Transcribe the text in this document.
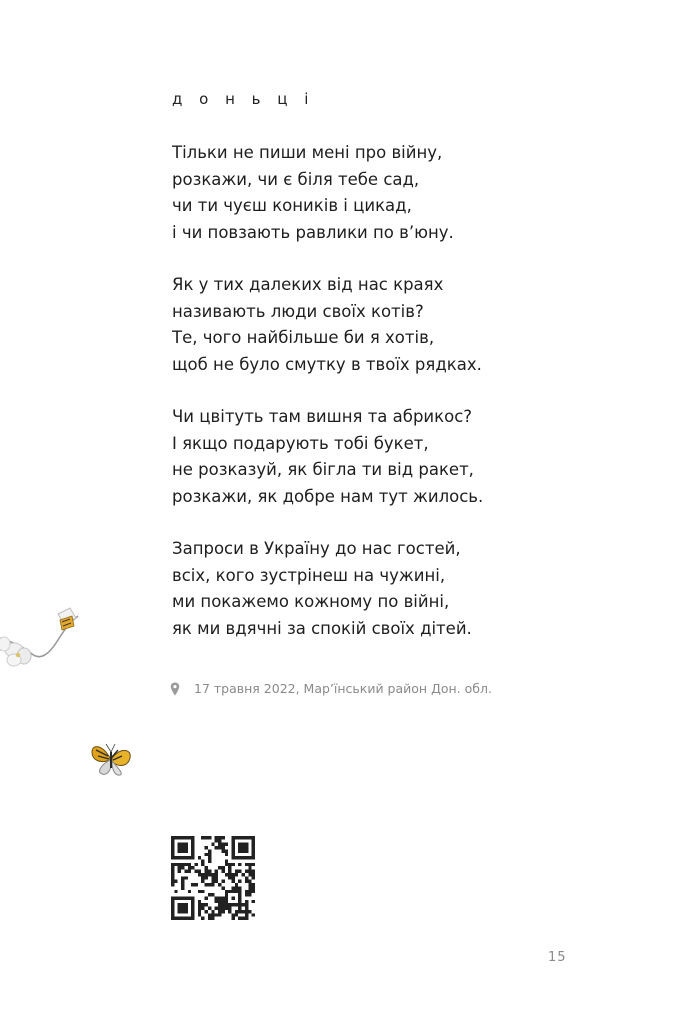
д о н ь ц і
Тільки не пиши мені про війну,
розкажи, чи є біля тебе сад,
чи ти чуєш коників і цикад,
і чи повзають равлики по в’юну.
Як у тих далеких від нас краях
називають люди своїх котів?
Те, чого найбільше би я хотів,
щоб не було смутку в твоїх рядках.
Чи цвітуть там вишня та абрикос?
І якщо подарують тобі букет,
не розказуй, як бігла ти від ракет,
розкажи, як добре нам тут жилось.
Запроси в Україну до нас гостей,
всіх, кого зустрінеш на чужині,
ми покажемо кожному по війні,
як ми вдячні за спокій своїх дітей.
17 травня 2022, Мар’їнський район Дон. обл.
15
